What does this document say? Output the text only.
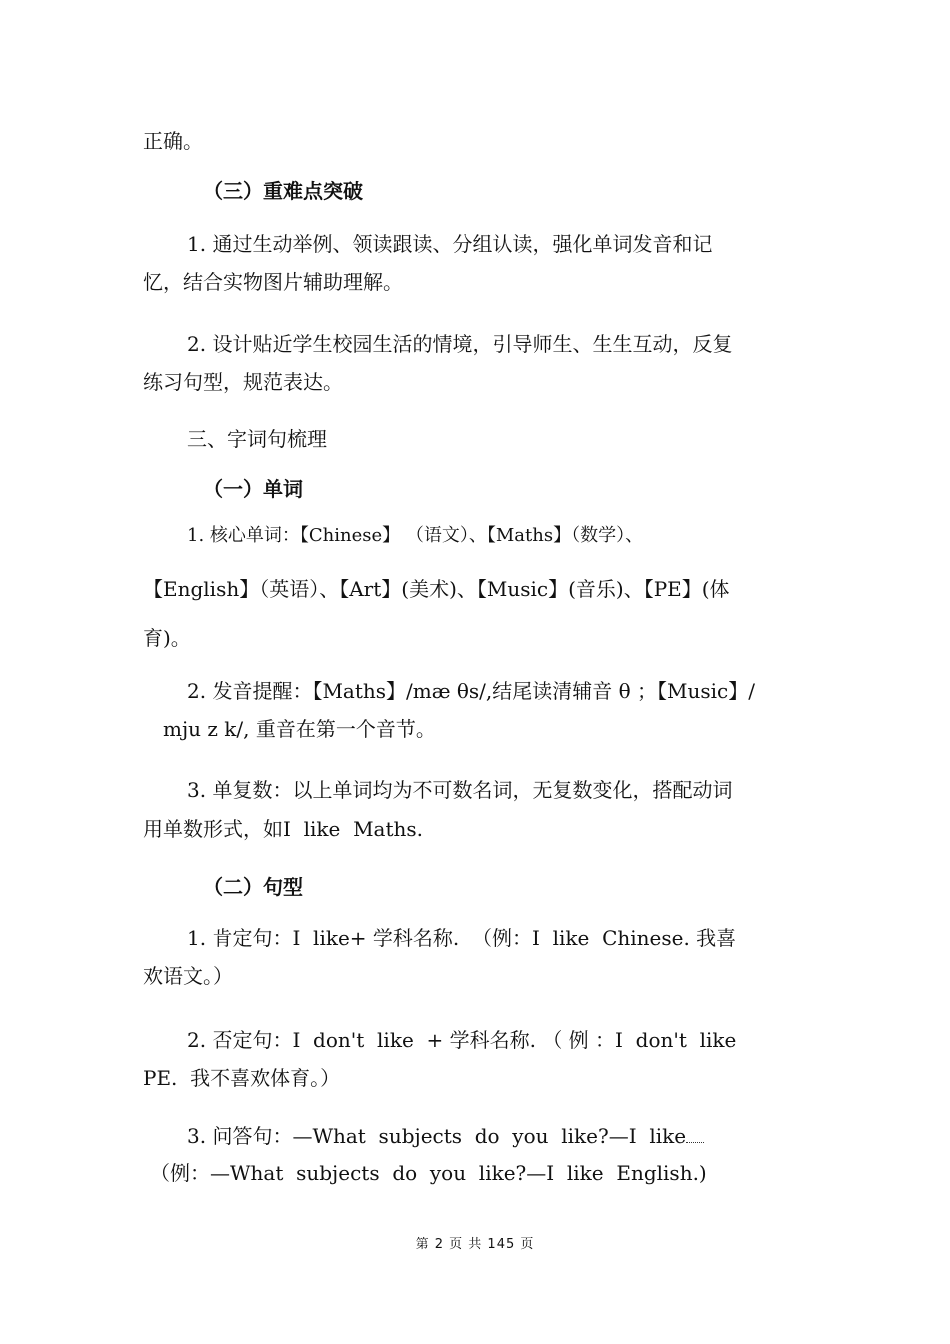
正确。
（三）重难点突破
1. 通过生动举例、领读跟读、分组认读，强化单词发音和记
忆，结合实物图片辅助理解。
2. 设计贴近学生校园生活的情境，引导师生、生生互动，反复
练习句型，规范表达。
三、字词句梳理
（一）单词
1. 核心单词：【Chinese】 （语文）、【Maths】（数学）、
【English】（英语）、【Art】(美术)、【Music】(音乐)、【PE】(体
育)。
2. 发音提醒：【Maths】/mæ θs/,结尾读清辅音 θ ；【Music】/
mju z k/, 重音在第一个音节。
3. 单复数：以上单词均为不可数名词，无复数变化，搭配动词
用单数形式，如I  like  Maths.
（二）句型
1. 肯定句：I  like+ 学科名称.  （例：I  like  Chinese. 我喜
欢语文。）
2. 否定句：I  don't  like  + 学科名称. （ 例 ：I  don't  like
PE.  我不喜欢体育。）
3. 问答句：—What  subjects  do  you  like?—I  like
（例：—What  subjects  do  you  like?—I  like  English.)
第 2 页 共 145 页
